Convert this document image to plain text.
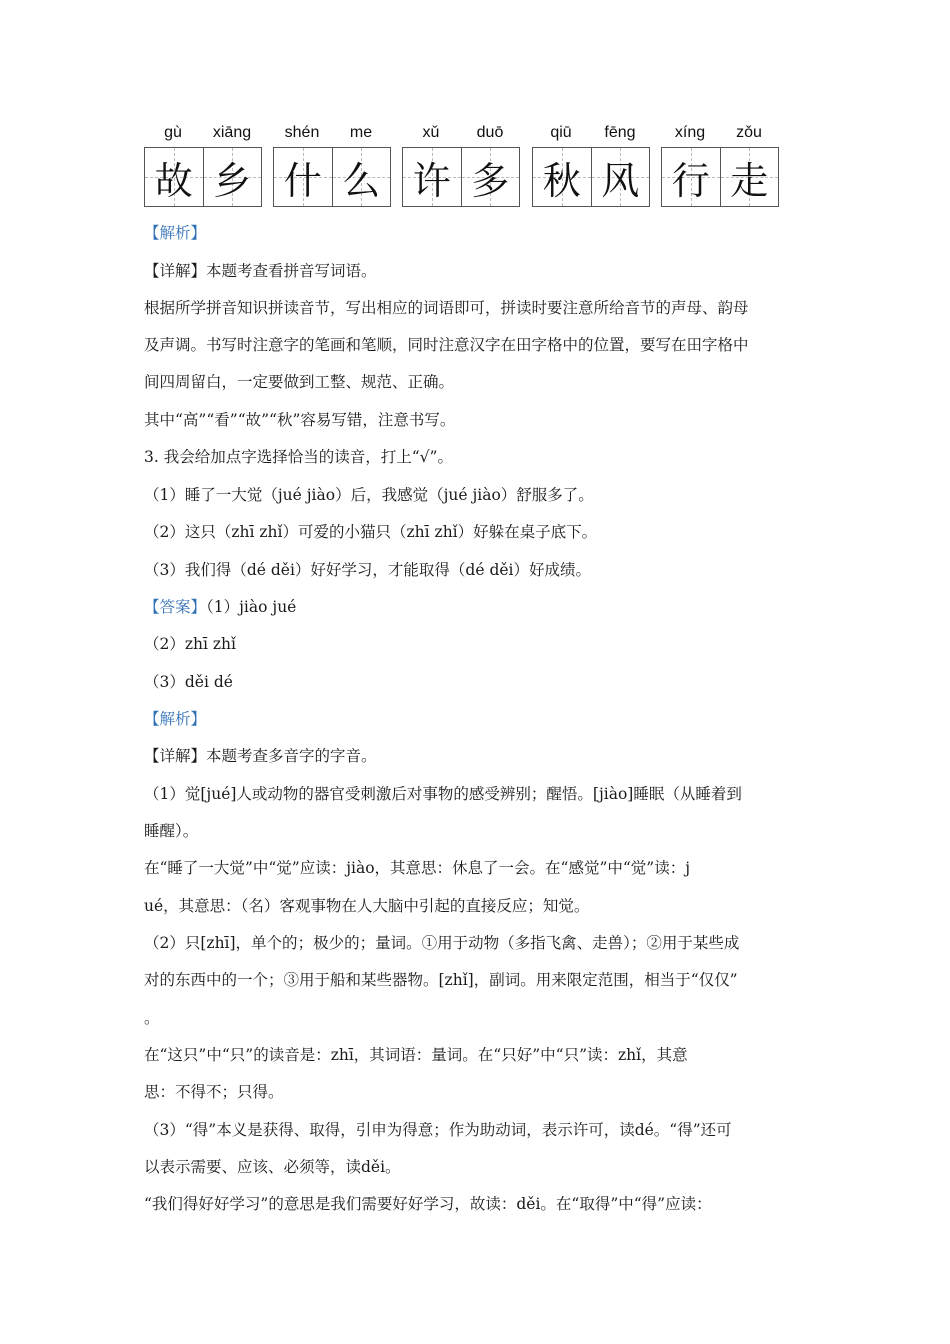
gù	xiāng	shén	me	xǔ	duō	qiū	fēng	xíng	zǒu
故 乡 什 么 许 多 秋 风 行 走
【解析】
【详解】本题考查看拼音写词语。
根据所学拼音知识拼读音节，写出相应的词语即可，拼读时要注意所给音节的声母、韵母
及声调。书写时注意字的笔画和笔顺，同时注意汉字在田字格中的位置，要写在田字格中
间四周留白，一定要做到工整、规范、正确。
其中“高”“看”“故”“秋”容易写错，注意书写。
3. 我会给加点字选择恰当的读音，打上“√”。
（1）睡了一大觉（jué jiào）后，我感觉（jué jiào）舒服多了。
（2）这只（zhī zhǐ）可爱的小猫只（zhī zhǐ）好躲在桌子底下。
（3）我们得（dé děi）好好学习，才能取得（dé děi）好成绩。
【答案】（1）jiào jué
（2）zhī zhǐ
（3）děi dé
【解析】
【详解】本题考查多音字的字音。
（1）觉[jué]人或动物的器官受刺激后对事物的感受辨别；醒悟。[jiào]睡眠（从睡着到
睡醒）。
在“睡了一大觉”中“觉”应读：jiào，其意思：休息了一会。在“感觉”中“觉”读：j
ué，其意思：（名）客观事物在人大脑中引起的直接反应；知觉。
（2）只[zhī]，单个的；极少的；量词。①用于动物（多指飞禽、走兽）；②用于某些成
对的东西中的一个；③用于船和某些器物。[zhǐ]，副词。用来限定范围，相当于“仅仅”
。
在“这只”中“只”的读音是：zhī，其词语：量词。在“只好”中“只”读：zhǐ，其意
思：不得不；只得。
（3）“得”本义是获得、取得，引申为得意；作为助动词，表示许可，读dé。“得”还可
以表示需要、应该、必须等，读děi。
“我们得好好学习”的意思是我们需要好好学习，故读：děi。在“取得”中“得”应读：
